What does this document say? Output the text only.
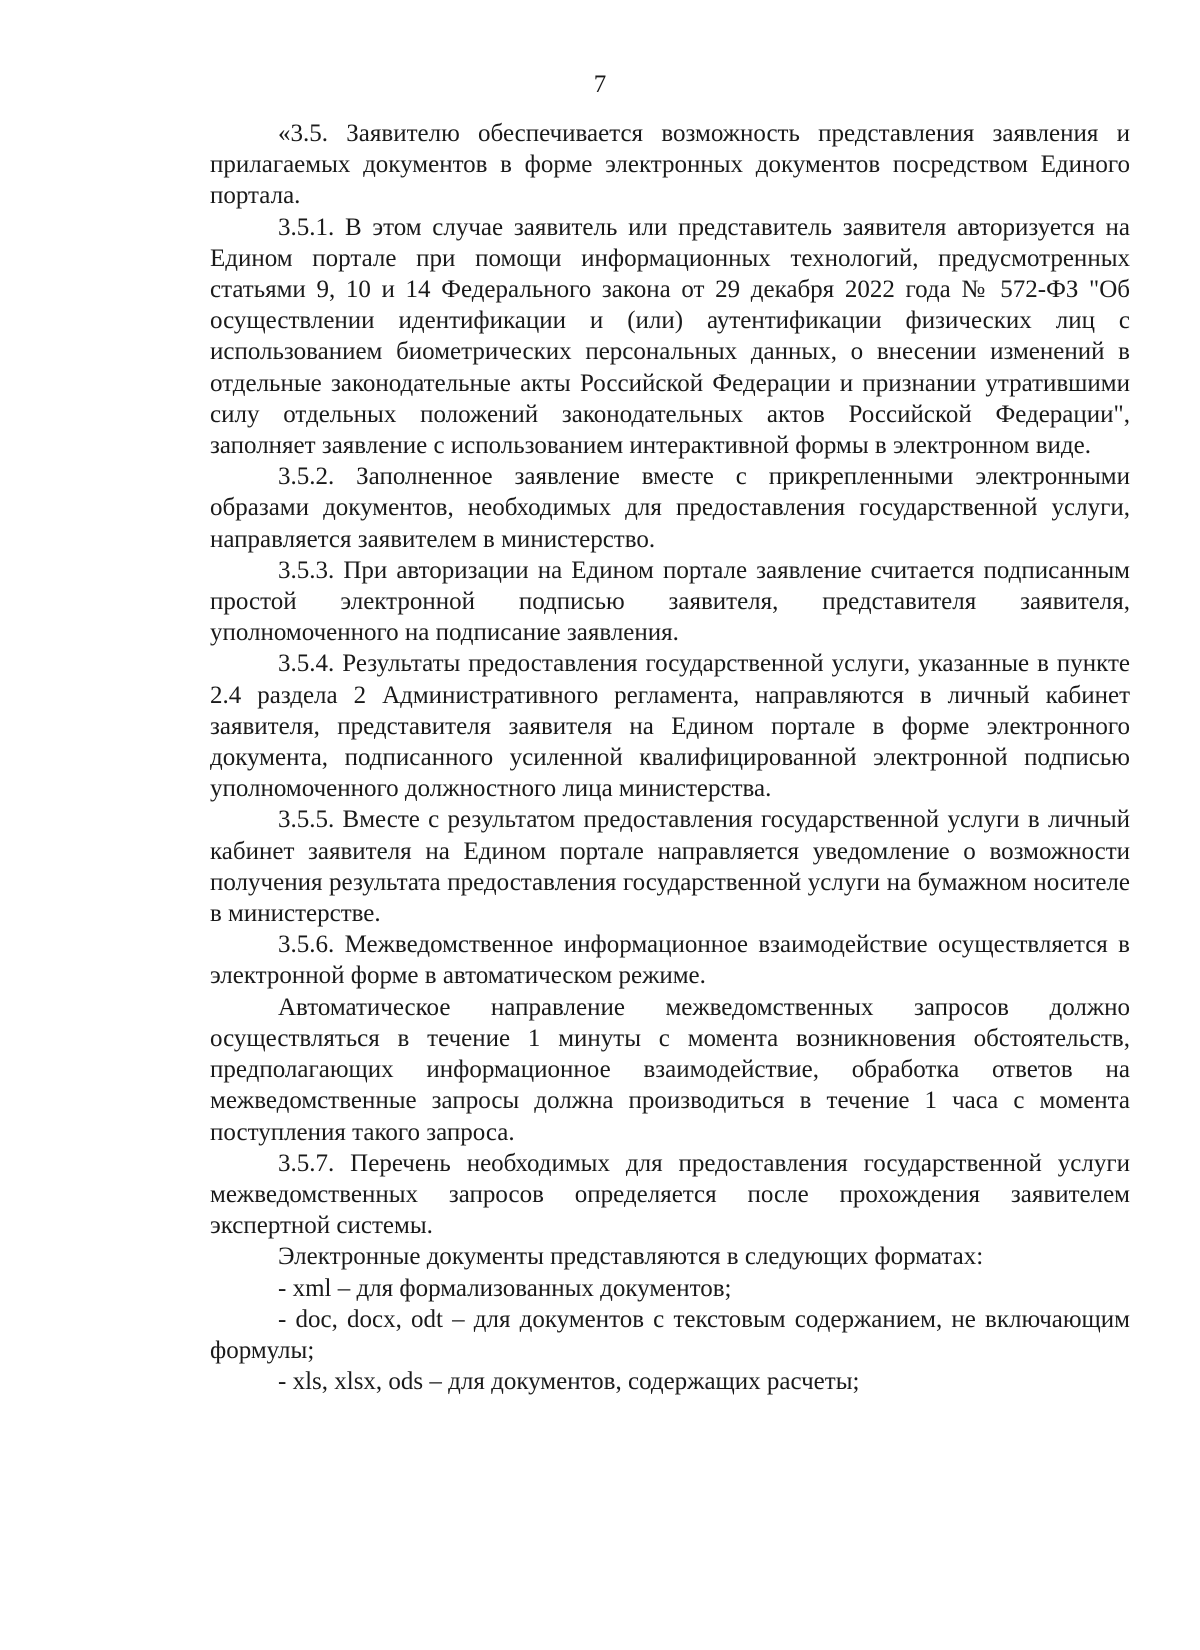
7

«3.5. Заявителю обеспечивается возможность представления заявления и прилагаемых документов в форме электронных документов посредством Единого портала.

3.5.1. В этом случае заявитель или представитель заявителя авторизуется на Едином портале при помощи информационных технологий, предусмотренных статьями 9, 10 и 14 Федерального закона от 29 декабря 2022 года № 572-ФЗ "Об осуществлении идентификации и (или) аутентификации физических лиц с использованием биометрических персональных данных, о внесении изменений в отдельные законодательные акты Российской Федерации и признании утратившими силу отдельных положений законодательных актов Российской Федерации", заполняет заявление с использованием интерактивной формы в электронном виде.

3.5.2. Заполненное заявление вместе с прикрепленными электронными образами документов, необходимых для предоставления государственной услуги, направляется заявителем в министерство.

3.5.3. При авторизации на Едином портале заявление считается подписанным простой электронной подписью заявителя, представителя заявителя, уполномоченного на подписание заявления.

3.5.4. Результаты предоставления государственной услуги, указанные в пункте 2.4 раздела 2 Административного регламента, направляются в личный кабинет заявителя, представителя заявителя на Едином портале в форме электронного документа, подписанного усиленной квалифицированной электронной подписью уполномоченного должностного лица министерства.

3.5.5. Вместе с результатом предоставления государственной услуги в личный кабинет заявителя на Едином портале направляется уведомление о возможности получения результата предоставления государственной услуги на бумажном носителе в министерстве.

3.5.6. Межведомственное информационное взаимодействие осуществляется в электронной форме в автоматическом режиме.

Автоматическое направление межведомственных запросов должно осуществляться в течение 1 минуты с момента возникновения обстоятельств, предполагающих информационное взаимодействие, обработка ответов на межведомственные запросы должна производиться в течение 1 часа с момента поступления такого запроса.

3.5.7. Перечень необходимых для предоставления государственной услуги межведомственных запросов определяется после прохождения заявителем экспертной системы.

Электронные документы представляются в следующих форматах:

- xml – для формализованных документов;

- doc, docx, odt – для документов с текстовым содержанием, не включающим формулы;

- xls, xlsx, ods – для документов, содержащих расчеты;
